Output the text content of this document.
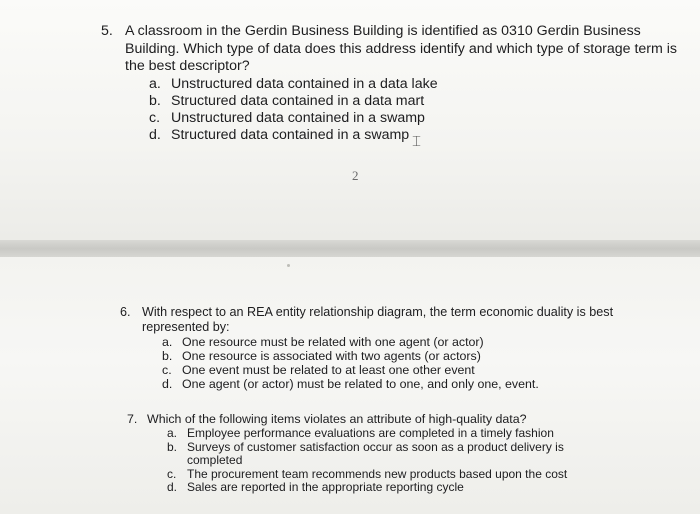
5. A classroom in the Gerdin Business Building is identified as 0310 Gerdin Business
Building. Which type of data does this address identify and which type of storage term is
the best descriptor?
a. Unstructured data contained in a data lake
b. Structured data contained in a data mart
c. Unstructured data contained in a swamp
d. Structured data contained in a swamp ⌶
2
6. With respect to an REA entity relationship diagram, the term economic duality is best
represented by:
a. One resource must be related with one agent (or actor)
b. One resource is associated with two agents (or actors)
c. One event must be related to at least one other event
d. One agent (or actor) must be related to one, and only one, event.
7. Which of the following items violates an attribute of high-quality data?
a. Employee performance evaluations are completed in a timely fashion
b. Surveys of customer satisfaction occur as soon as a product delivery is
completed
c. The procurement team recommends new products based upon the cost
d. Sales are reported in the appropriate reporting cycle
